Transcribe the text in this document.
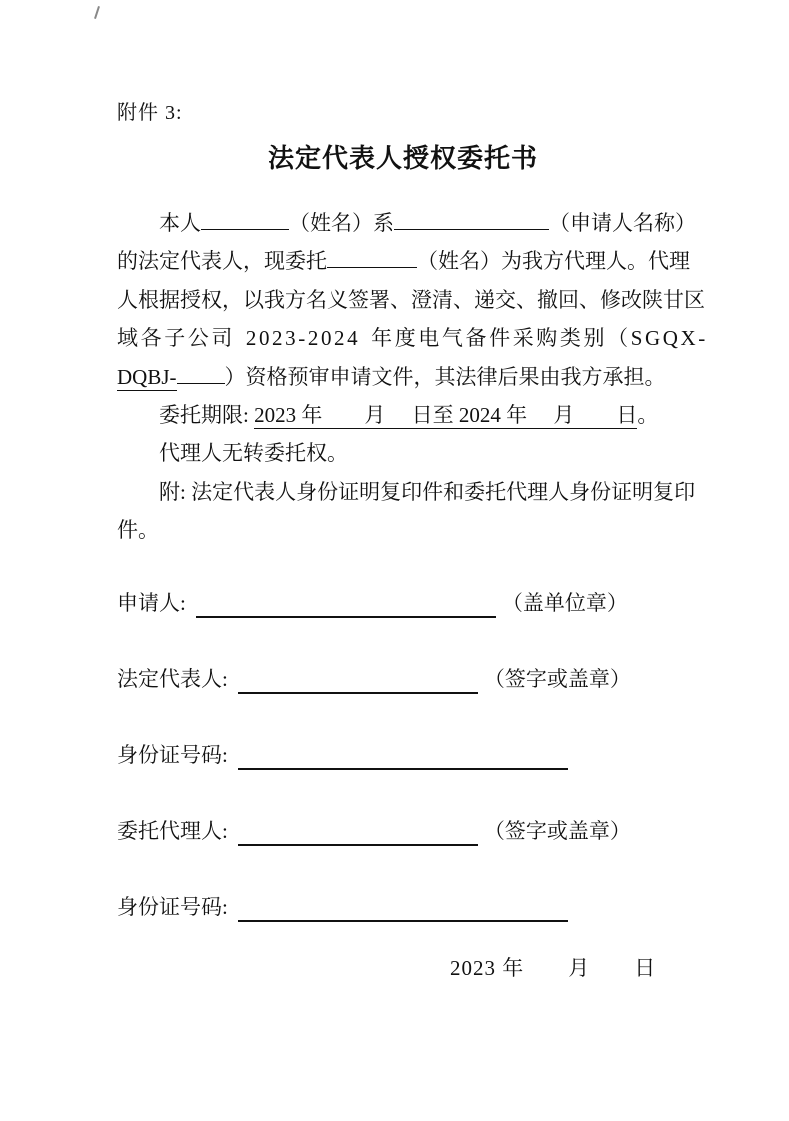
附件 3:
法定代表人授权委托书
本人	（姓名）系	（申请人名称）
的法定代表人，现委托	（姓名）为我方代理人。代理
人根据授权，以我方名义签署、澄清、递交、撤回、修改陕甘区
域各子公司 2023-2024 年度电气备件采购类别（SGQX-
DQBJ- ）资格预审申请文件，其法律后果由我方承担。
委托期限: 2023 年　　月　 日至 2024 年　 月　　日。
代理人无转委托权。
附: 法定代表人身份证明复印件和委托代理人身份证明复印
件。
申请人:	（盖单位章）
法定代表人:	（签字或盖章）
身份证号码:
委托代理人:	（签字或盖章）
身份证号码:
2023 年　　月　　日
